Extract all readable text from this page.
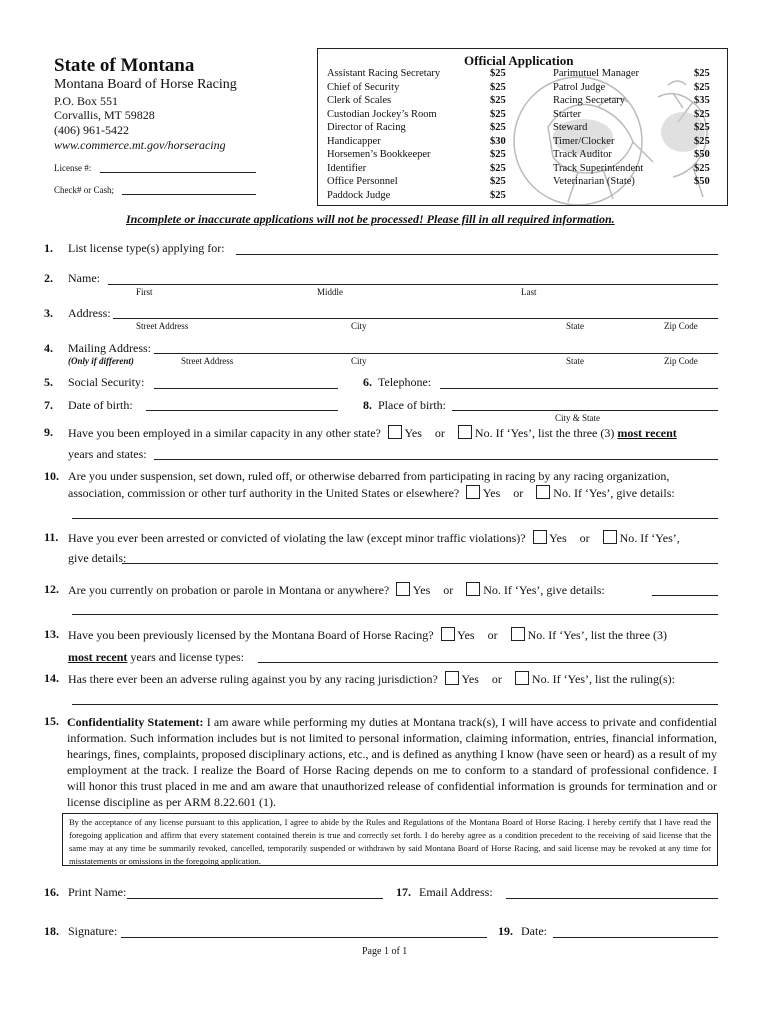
State of Montana
Montana Board of Horse Racing
P.O. Box 551
Corvallis, MT 59828
(406) 961-5422
www.commerce.mt.gov/horseracing
License #:
Check# or Cash;
Official Application
Assistant Racing Secretary	$25
Chief of Security	$25
Clerk of Scales	$25
Custodian Jockey’s Room	$25
Director of Racing	$25
Handicapper	$30
Horsemen’s Bookkeeper	$25
Identifier	$25
Office Personnel	$25
Paddock Judge	$25
Parimutuel Manager	$25
Patrol Judge	$25
Racing Secretary	$35
Starter	$25
Steward	$25
Timer/Clocker	$25
Track Auditor	$50
Track Superintendent	$25
Veterinarian (State)	$50
Incomplete or inaccurate applications will not be processed! Please fill in all required information.
1. List license type(s) applying for:
2. Name:
First	Middle	Last
3. Address:
Street Address	City	State	Zip Code
4. Mailing Address:
(Only if different)	Street Address	City	State	Zip Code
5. Social Security:	6. Telephone:
7. Date of birth:	8. Place of birth:
City & State
9. Have you been employed in a similar capacity in any other state? Yes or	No. If ‘Yes’, list the three (3) most recent
years and states:
10. Are you under suspension, set down, ruled off, or otherwise debarred from participating in racing by any racing organization,
association, commission or other turf authority in the United States or elsewhere? Yes or	No. If ‘Yes’, give details:
11. Have you ever been arrested or convicted of violating the law (except minor traffic violations)? Yes or	No. If ‘Yes’,
give details:
12. Are you currently on probation or parole in Montana or anywhere? Yes or	No. If ‘Yes’, give details:
13. Have you been previously licensed by the Montana Board of Horse Racing? Yes or	No. If ‘Yes’, list the three (3)
most recent years and license types:
14. Has there ever been an adverse ruling against you by any racing jurisdiction? Yes or	No. If ‘Yes’, list the ruling(s):
15. Confidentiality Statement: I am aware while performing my duties at Montana track(s), I will have access to private and confidential information. Such information includes but is not limited to personal information, claiming information, entries, financial information, hearings, fines, complaints, proposed disciplinary actions, etc., and is defined as anything I know (have seen or heard) as a result of my employment at the track. I realize the Board of Horse Racing depends on me to conform to a standard of professional confidence. I will honor this trust placed in me and am aware that unauthorized release of confidential information is grounds for termination and or license discipline as per ARM 8.22.601 (1).
By the acceptance of any license pursuant to this application, I agree to abide by the Rules and Regulations of the Montana Board of Horse Racing. I hereby certify that I have read the foregoing application and affirm that every statement contained therein is true and correctly set forth. I do hereby agree as a condition precedent to the receiving of said license that the same may at any time be summarily revoked, cancelled, temporarily suspended or withdrawn by said Montana Board of Horse Racing, and said license may be revoked at any time for misstatements or omissions in the foregoing application.
16. Print Name:	17. Email Address:
18. Signature:	19. Date:
Page 1 of 1
